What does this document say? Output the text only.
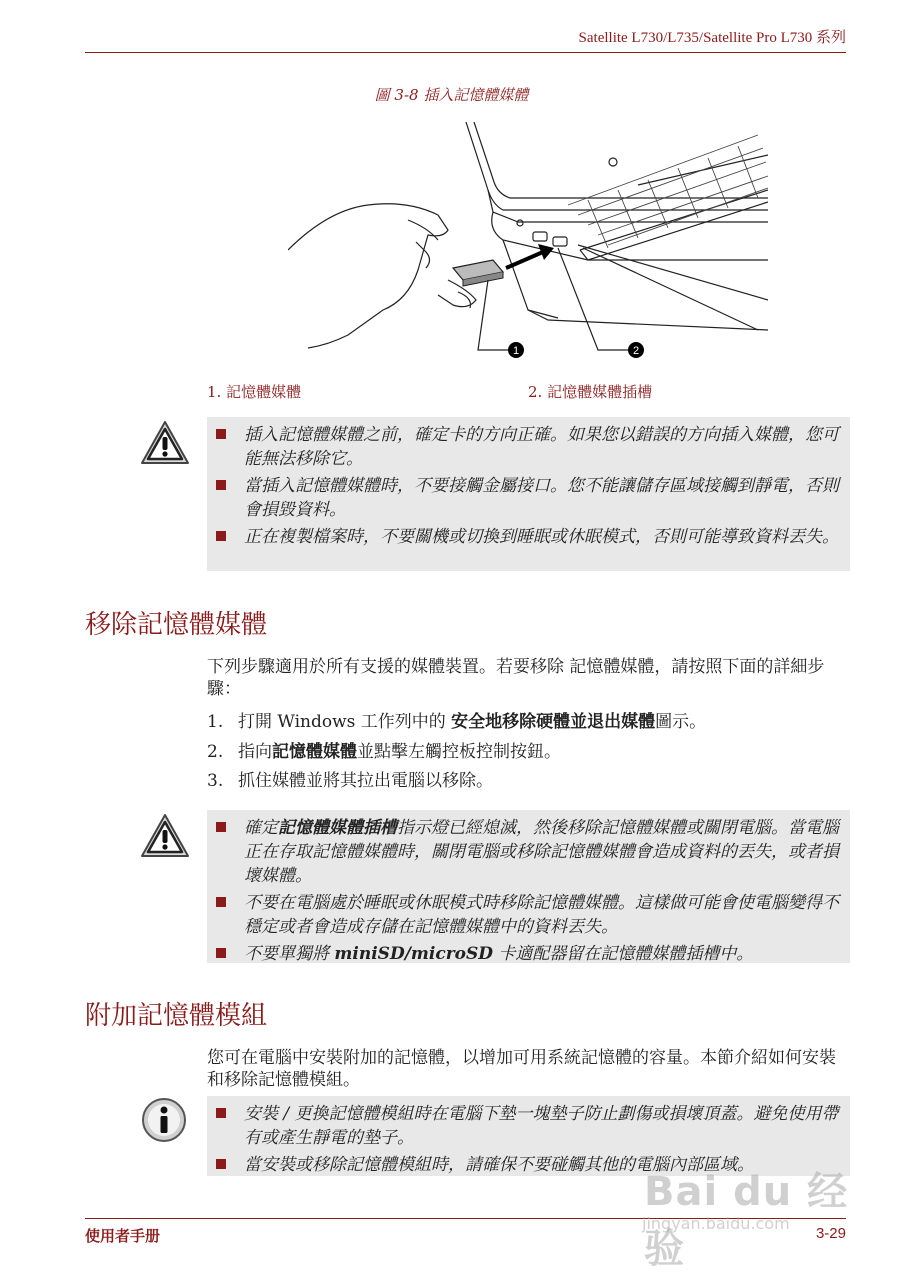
Satellite L730/L735/Satellite Pro L730 系列
圖 3-8 插入記憶體媒體
1	2
1. 記憶體媒體	2. 記憶體媒體插槽
插入記憶體媒體之前，確定卡的方向正確。如果您以錯誤的方向插入媒體，您可能無法移除它。
當插入記憶體媒體時，不要接觸金屬接口。您不能讓儲存區域接觸到靜電，否則會損毀資料。
正在複製檔案時，不要關機或切換到睡眠或休眠模式，否則可能導致資料丟失。
移除記憶體媒體
下列步驟適用於所有支援的媒體裝置。若要移除 記憶體媒體，請按照下面的詳細步驟：
1. 打開 Windows 工作列中的 安全地移除硬體並退出媒體圖示。
2. 指向記憶體媒體並點擊左觸控板控制按鈕。
3. 抓住媒體並將其拉出電腦以移除。
確定記憶體媒體插槽指示燈已經熄滅，然後移除記憶體媒體或關閉電腦。當電腦正在存取記憶體媒體時，關閉電腦或移除記憶體媒體會造成資料的丟失，或者損壞媒體。
不要在電腦處於睡眠或休眠模式時移除記憶體媒體。這樣做可能會使電腦變得不穩定或者會造成存儲在記憶體媒體中的資料丟失。
不要單獨將 miniSD/microSD 卡適配器留在記憶體媒體插槽中。
附加記憶體模組
您可在電腦中安裝附加的記憶體，以增加可用系統記憶體的容量。本節介紹如何安裝和移除記憶體模組。
安裝 / 更換記憶體模組時在電腦下墊一塊墊子防止劃傷或損壞頂蓋。避免使用帶有或產生靜電的墊子。
當安裝或移除記憶體模組時，請確保不要碰觸其他的電腦內部區域。
使用者手册	3-29
Bai du 经验
jingyan.baidu.com
